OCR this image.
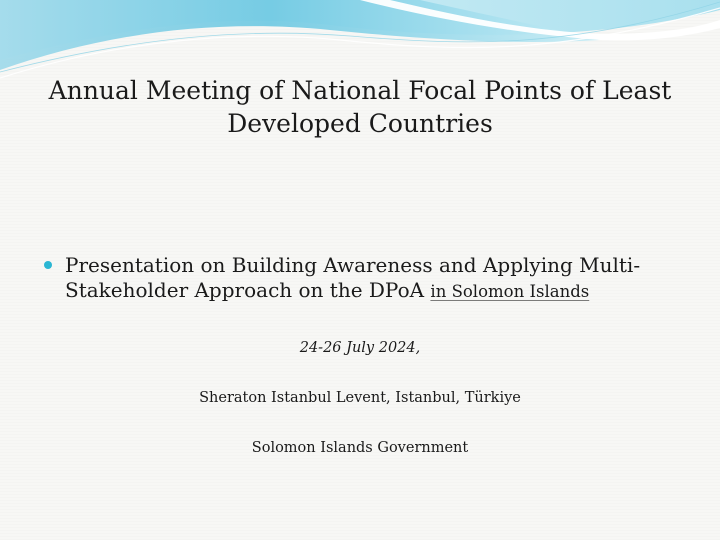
Annual Meeting of National Focal Points of Least
Developed Countries
Presentation on Building Awareness and Applying Multi-
Stakeholder Approach on the DPoA in Solomon Islands
24-26 July 2024,
Sheraton Istanbul Levent, Istanbul, Türkiye
Solomon Islands Government
